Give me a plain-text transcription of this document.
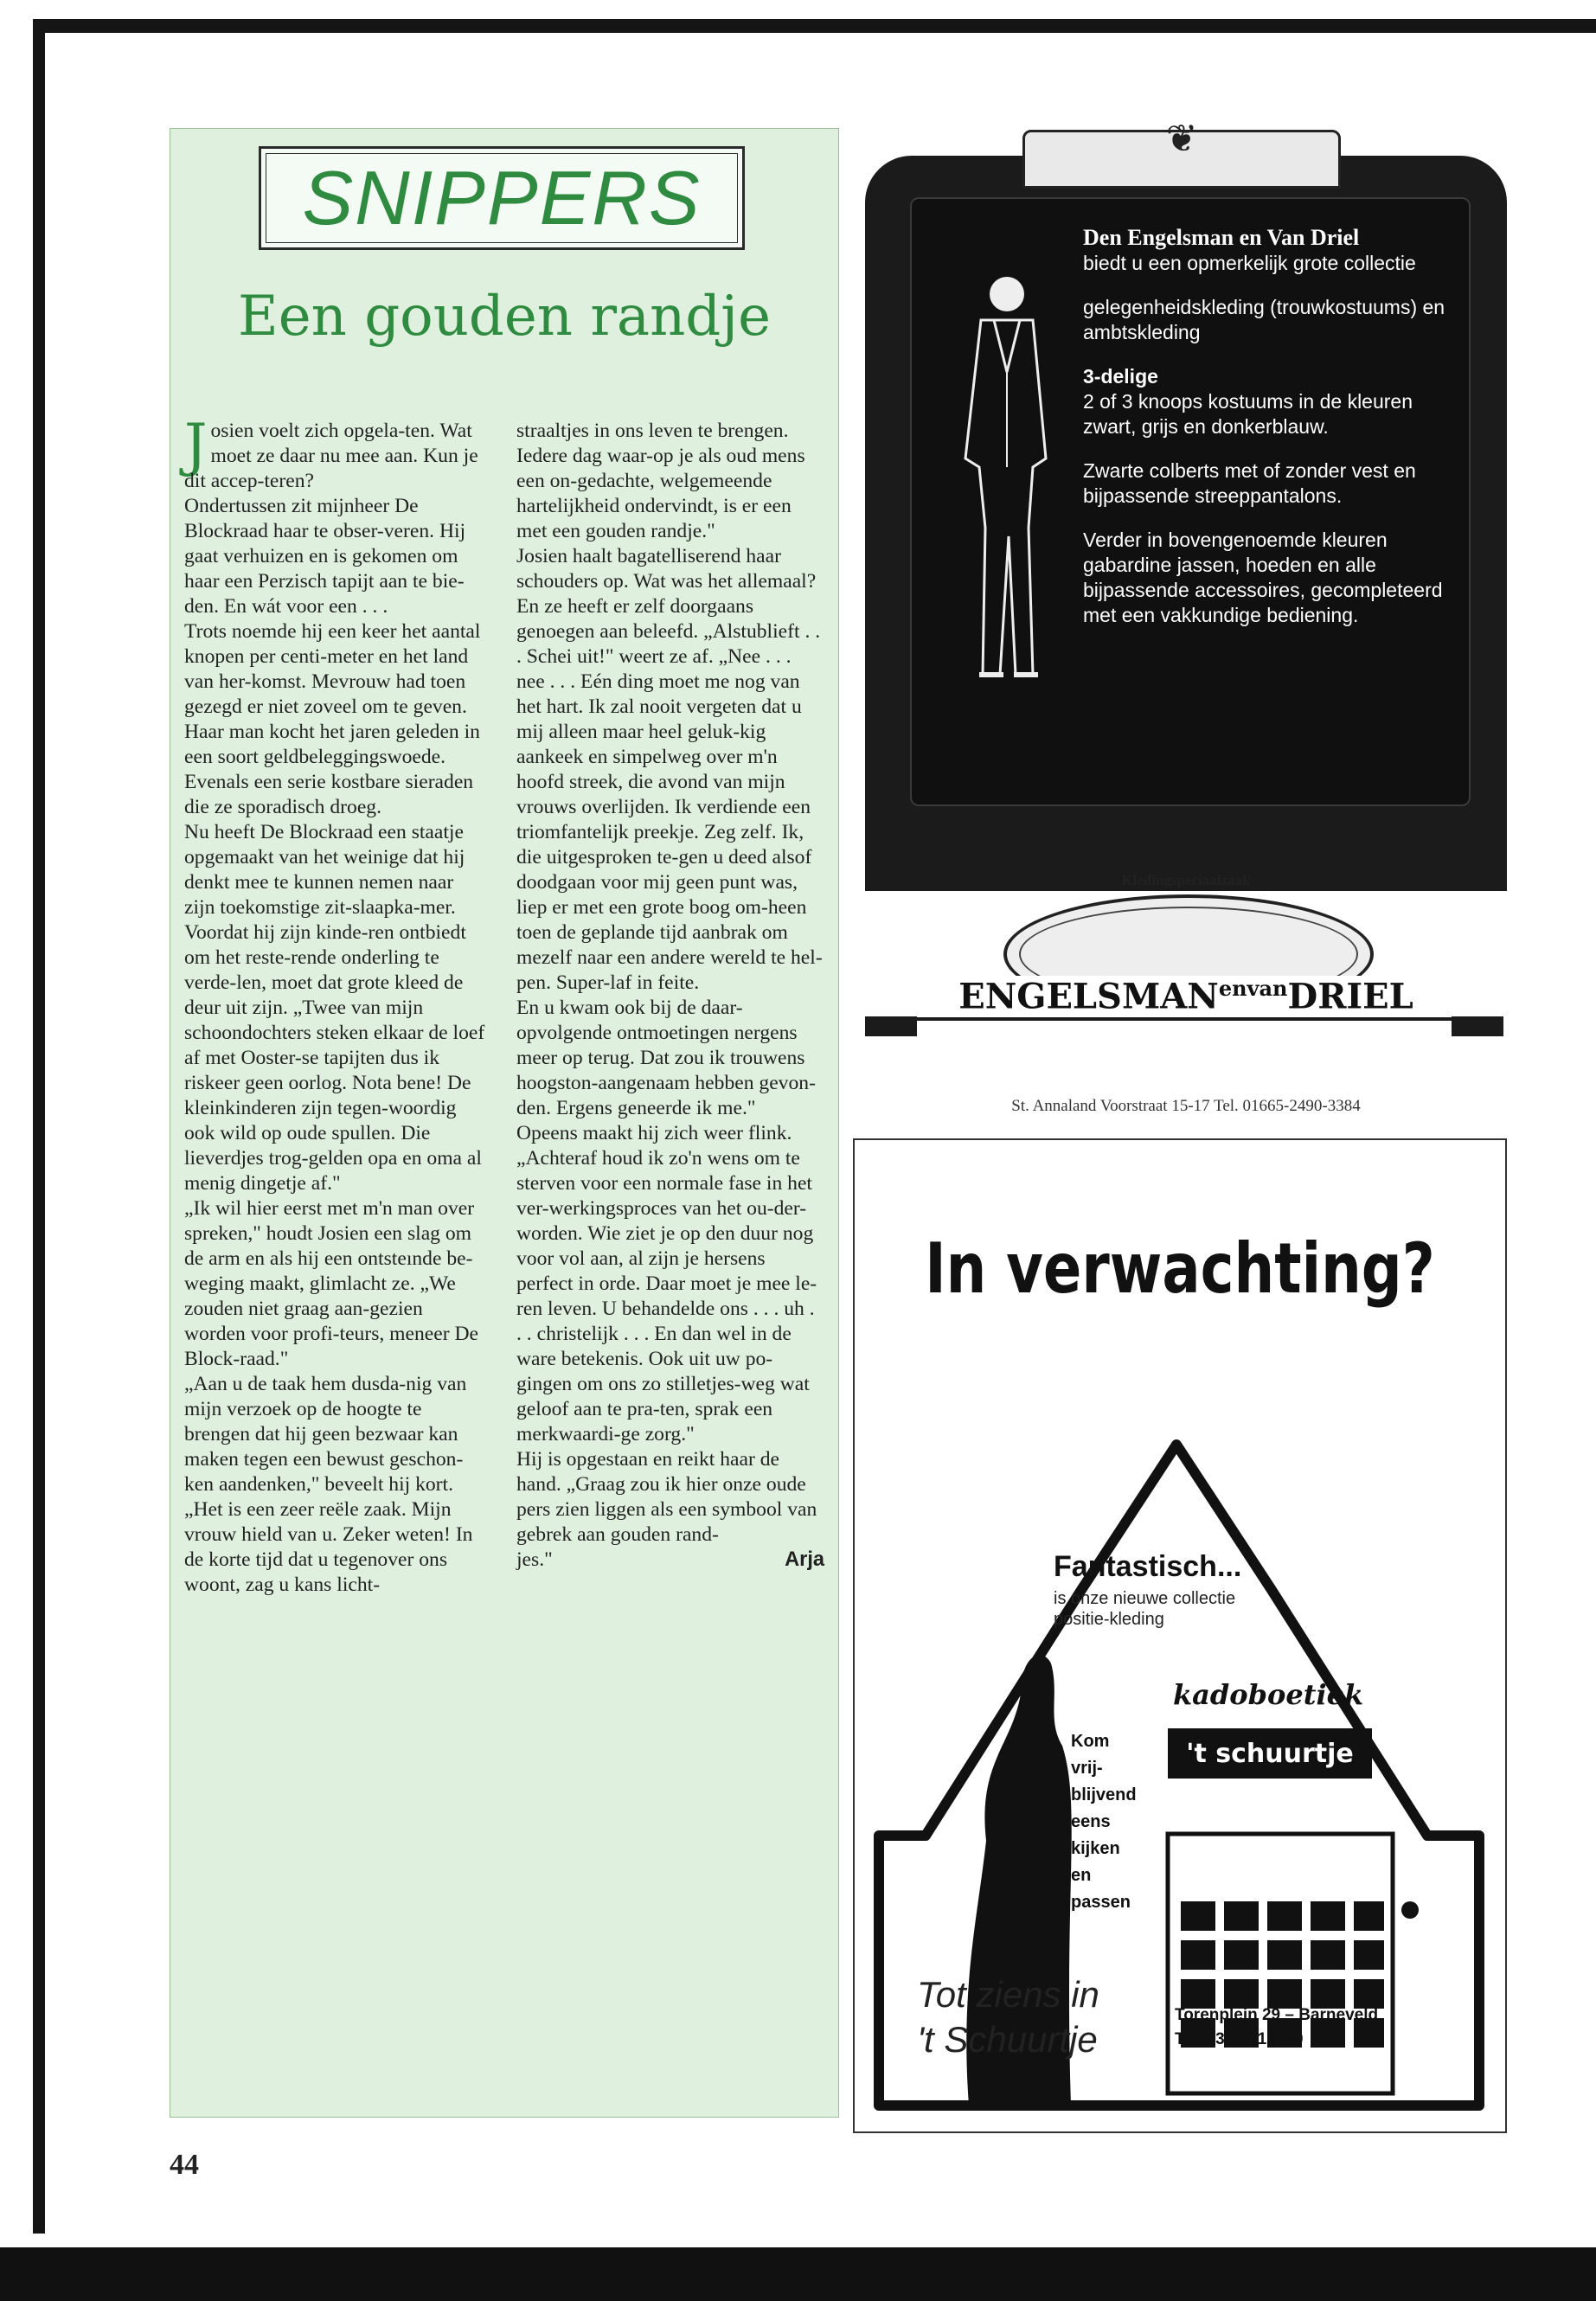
SNIPPERS
Een gouden randje

Josien voelt zich opgela-ten. Wat moet ze daar nu mee aan. Kun je dit accep-teren?

Ondertussen zit mijnheer De Blockraad haar te obser-veren. Hij gaat verhuizen en is gekomen om haar een Perzisch tapijt aan te bie-den. En wát voor een . . .

Trots noemde hij een keer het aantal knopen per centi-meter en het land van her-komst. Mevrouw had toen gezegd er niet zoveel om te geven. Haar man kocht het jaren geleden in een soort geldbeleggingswoede. Evenals een serie kostbare sieraden die ze sporadisch droeg.

Nu heeft De Blockraad een staatje opgemaakt van het weinige dat hij denkt mee te kunnen nemen naar zijn toekomstige zit-slaapka-mer. Voordat hij zijn kinde-ren ontbiedt om het reste-rende onderling te verde-len, moet dat grote kleed de deur uit zijn. „Twee van mijn schoondochters steken elkaar de loef af met Ooster-se tapijten dus ik riskeer geen oorlog. Nota bene! De kleinkinderen zijn tegen-woordig ook wild op oude spullen. Die lieverdjes trog-gelden opa en oma al menig dingetje af."

„Ik wil hier eerst met m'n man over spreken," houdt Josien een slag om de arm en als hij een ontsteınde be-weging maakt, glimlacht ze. „We zouden niet graag aan-gezien worden voor profi-teurs, meneer De Block-raad."

„Aan u de taak hem dusda-nig van mijn verzoek op de hoogte te brengen dat hij geen bezwaar kan maken tegen een bewust geschon-ken aandenken," beveelt hij kort. „Het is een zeer reële zaak. Mijn vrouw hield van u. Zeker weten! In de korte tijd dat u tegenover ons woont, zag u kans licht-

straaltjes in ons leven te brengen. Iedere dag waar-op je als oud mens een on-gedachte, welgemeende hartelijkheid ondervindt, is er een met een gouden randje."

Josien haalt bagatelliserend haar schouders op. Wat was het allemaal? En ze heeft er zelf doorgaans genoegen aan beleefd. „Alstublieft . . . Schei uit!" weert ze af. „Nee . . . nee . . . Eén ding moet me nog van het hart. Ik zal nooit vergeten dat u mij alleen maar heel geluk-kig aankeek en simpelweg over m'n hoofd streek, die avond van mijn vrouws overlijden. Ik verdiende een triomfantelijk preekje. Zeg zelf. Ik, die uitgesproken te-gen u deed alsof doodgaan voor mij geen punt was, liep er met een grote boog om-heen toen de geplande tijd aanbrak om mezelf naar een andere wereld te hel-pen. Super-laf in feite.

En u kwam ook bij de daar-opvolgende ontmoetingen nergens meer op terug. Dat zou ik trouwens hoogston-aangenaam hebben gevon-den. Ergens geneerde ik me."

Opeens maakt hij zich weer flink. „Achteraf houd ik zo'n wens om te sterven voor een normale fase in het ver-werkingsproces van het ou-der-worden. Wie ziet je op den duur nog voor vol aan, al zijn je hersens perfect in orde. Daar moet je mee le-ren leven. U behandelde ons . . . uh . . . christelijk . . . En dan wel in de ware betekenis. Ook uit uw po-gingen om ons zo stilletjes-weg wat geloof aan te pra-ten, sprak een merkwaardi-ge zorg."

Hij is opgestaan en reikt haar de hand. „Graag zou ik hier onze oude pers zien liggen als een symbool van gebrek aan gouden rand-

jes."	Arja

44

Den Engelsman en Van Driel
biedt u een opmerkelijk grote collectie

gelegenheidskleding (trouwkostuums) en ambtskleding

3-delige
2 of 3 knoops kostuums in de kleuren zwart, grijs en donkerblauw.

Zwarte colberts met of zonder vest en bijpassende streeppantalons.

Verder in bovengenoemde kleuren gabardine jassen, hoeden en alle bijpassende accessoires, gecompleteerd met een vakkundige bediening.

❦
Kledingspeciaalzaak
$ENGELSMAN^{envan}DRIEL$
St. Annaland Voorstraat 15-17 Tel. 01665-2490-3384
In verwachting?
Fantastisch...
is onze nieuwe collectie positie-kleding
kadoboetiek
Kom
vrij-
blijvend
eens
kijken
en
passen
't schuurtje
Tot ziens in
't Schuurtje
Torenplein 29 – Barneveld
Tel. 03420-17690
